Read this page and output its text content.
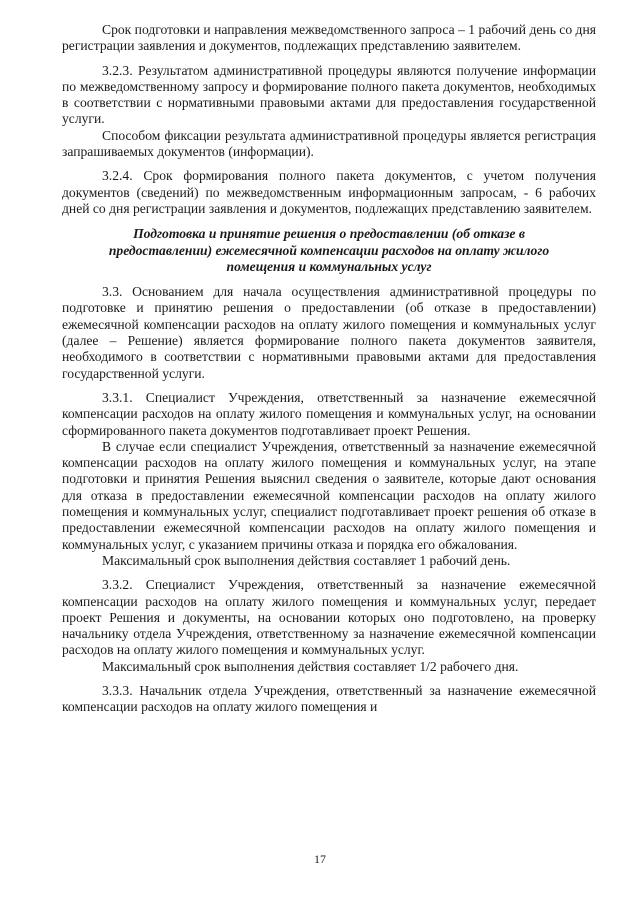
Срок подготовки и направления межведомственного запроса – 1 рабочий день со дня регистрации заявления и документов, подлежащих представлению заявителем.

3.2.3. Результатом административной процедуры являются получение информации по межведомственному запросу и формирование полного пакета документов, необходимых в соответствии с нормативными правовыми актами для предоставления государственной услуги.

Способом фиксации результата административной процедуры является регистрация запрашиваемых документов (информации).

3.2.4. Срок формирования полного пакета документов, с учетом получения документов (сведений) по межведомственным информационным запросам, - 6 рабочих дней со дня регистрации заявления и документов, подлежащих представлению заявителем.

Подготовка и принятие решения о предоставлении (об отказе в предоставлении) ежемесячной компенсации расходов на оплату жилого помещения и коммунальных услуг

3.3. Основанием для начала осуществления административной процедуры по подготовке и принятию решения о предоставлении (об отказе в предоставлении) ежемесячной компенсации расходов на оплату жилого помещения и коммунальных услуг (далее – Решение) является формирование полного пакета документов заявителя, необходимого в соответствии с нормативными правовыми актами для предоставления государственной услуги.

3.3.1. Специалист Учреждения, ответственный за назначение ежемесячной компенсации расходов на оплату жилого помещения и коммунальных услуг, на основании сформированного пакета документов подготавливает проект Решения.

В случае если специалист Учреждения, ответственный за назначение ежемесячной компенсации расходов на оплату жилого помещения и коммунальных услуг, на этапе подготовки и принятия Решения выяснил сведения о заявителе, которые дают основания для отказа в предоставлении ежемесячной компенсации расходов на оплату жилого помещения и коммунальных услуг, специалист подготавливает проект решения об отказе в предоставлении ежемесячной компенсации расходов на оплату жилого помещения и коммунальных услуг, с указанием причины отказа и порядка его обжалования.

Максимальный срок выполнения действия составляет 1 рабочий день.

3.3.2. Специалист Учреждения, ответственный за назначение ежемесячной компенсации расходов на оплату жилого помещения и коммунальных услуг, передает проект Решения и документы, на основании которых оно подготовлено, на проверку начальнику отдела Учреждения, ответственному за назначение ежемесячной компенсации расходов на оплату жилого помещения и коммунальных услуг.

Максимальный срок выполнения действия составляет 1/2 рабочего дня.

3.3.3. Начальник отдела Учреждения, ответственный за назначение ежемесячной компенсации расходов на оплату жилого помещения и

17
